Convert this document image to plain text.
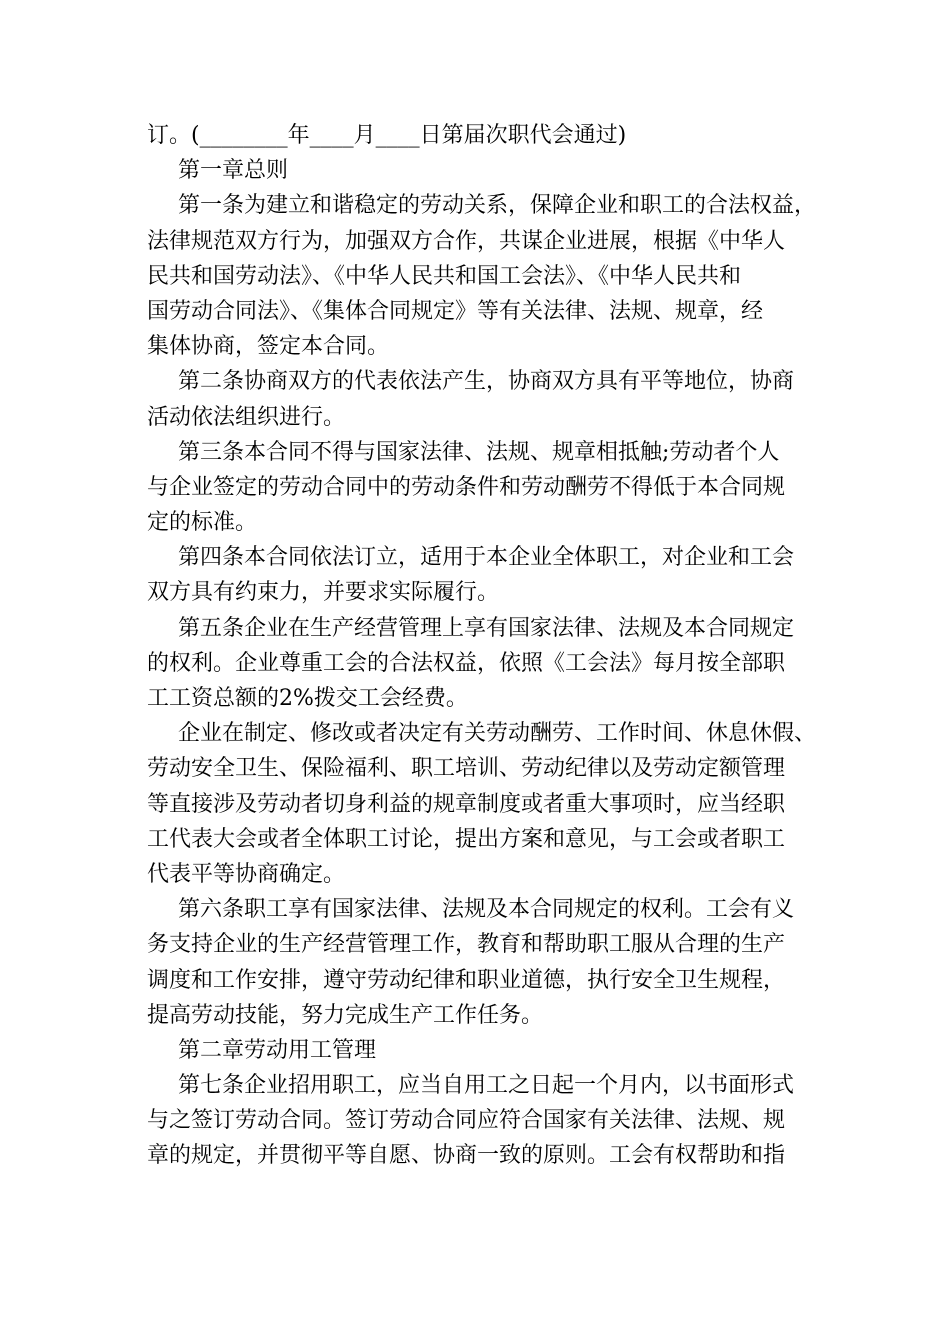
订。(________年____月____日第届次职代会通过)
第一章总则
第一条为建立和谐稳定的劳动关系，保障企业和职工的合法权益，
法律规范双方行为，加强双方合作，共谋企业进展，根据《中华人
民共和国劳动法》、《中华人民共和国工会法》、《中华人民共和
国劳动合同法》、《集体合同规定》等有关法律、法规、规章，经
集体协商，签定本合同。
第二条协商双方的代表依法产生，协商双方具有平等地位，协商
活动依法组织进行。
第三条本合同不得与国家法律、法规、规章相抵触;劳动者个人
与企业签定的劳动合同中的劳动条件和劳动酬劳不得低于本合同规
定的标准。
第四条本合同依法订立，适用于本企业全体职工，对企业和工会
双方具有约束力，并要求实际履行。
第五条企业在生产经营管理上享有国家法律、法规及本合同规定
的权利。企业尊重工会的合法权益，依照《工会法》每月按全部职
工工资总额的2%拨交工会经费。
企业在制定、修改或者决定有关劳动酬劳、工作时间、休息休假、
劳动安全卫生、保险福利、职工培训、劳动纪律以及劳动定额管理
等直接涉及劳动者切身利益的规章制度或者重大事项时，应当经职
工代表大会或者全体职工讨论，提出方案和意见，与工会或者职工
代表平等协商确定。
第六条职工享有国家法律、法规及本合同规定的权利。工会有义
务支持企业的生产经营管理工作，教育和帮助职工服从合理的生产
调度和工作安排，遵守劳动纪律和职业道德，执行安全卫生规程，
提高劳动技能，努力完成生产工作任务。
第二章劳动用工管理
第七条企业招用职工，应当自用工之日起一个月内，以书面形式
与之签订劳动合同。签订劳动合同应符合国家有关法律、法规、规
章的规定，并贯彻平等自愿、协商一致的原则。工会有权帮助和指
